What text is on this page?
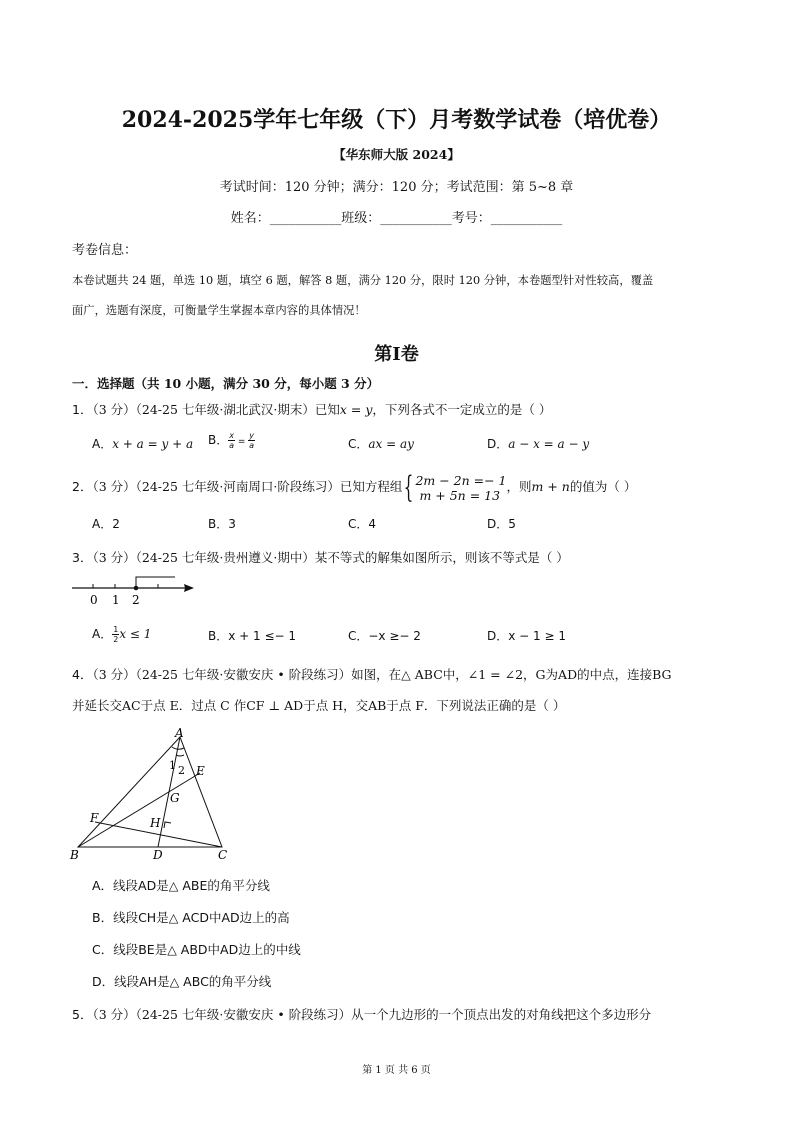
2024-2025学年七年级（下）月考数学试卷（培优卷）
【华东师大版 2024】
考试时间：120 分钟；满分：120 分；考试范围：第 5~8 章
姓名：___________班级：___________考号：___________
考卷信息：
本卷试题共 24 题，单选 10 题，填空 6 题，解答 8 题，满分 120 分，限时 120 分钟，本卷题型针对性较高，覆盖
面广，选题有深度，可衡量学生掌握本章内容的具体情况！
第Ⅰ卷
一．选择题（共 10 小题，满分 30 分，每小题 3 分）
1．（3 分）（24-25 七年级·湖北武汉·期末）已知x = y，下列各式不一定成立的是（ ）
A．x + a = y + a B． $\frac{x}{a} = \frac{y}{a}$	C．ax = ay	D．a − x = a − y
2．（3 分）（24-25 七年级·河南周口·阶段练习）已知方程组{ 2m − 2n =− 1
m + 5n = 13
，则m + n的值为（ ）
A．2	B．3	C．4	D．5
3．（3 分）（24-25 七年级·贵州遵义·期中）某不等式的解集如图所示，则该不等式是（ ）
0 1 2
A． $\frac{1}{2}$ x ≤ 1	B．x + 1 ≤− 1	C．−x ≥− 2	D．x − 1 ≥ 1
4．（3 分）（24-25 七年级·安徽安庆 • 阶段练习）如图，在△ ABC中，∠1 = ∠2，G为AD的中点，连接BG
并延长交AC于点 E．过点 C 作CF ⊥ AD于点 H，交AB于点 F．下列说法正确的是（ ）
A
B	C
D
E
F
G
H
1 2
A．线段AD是△ ABE的角平分线
B．线段CH是△ ACD中AD边上的高
C．线段BE是△ ABD中AD边上的中线
D．线段AH是△ ABC的角平分线
5．（3 分）（24-25 七年级·安徽安庆 • 阶段练习）从一个九边形的一个顶点出发的对角线把这个多边形分
第 1 页 共 6 页
